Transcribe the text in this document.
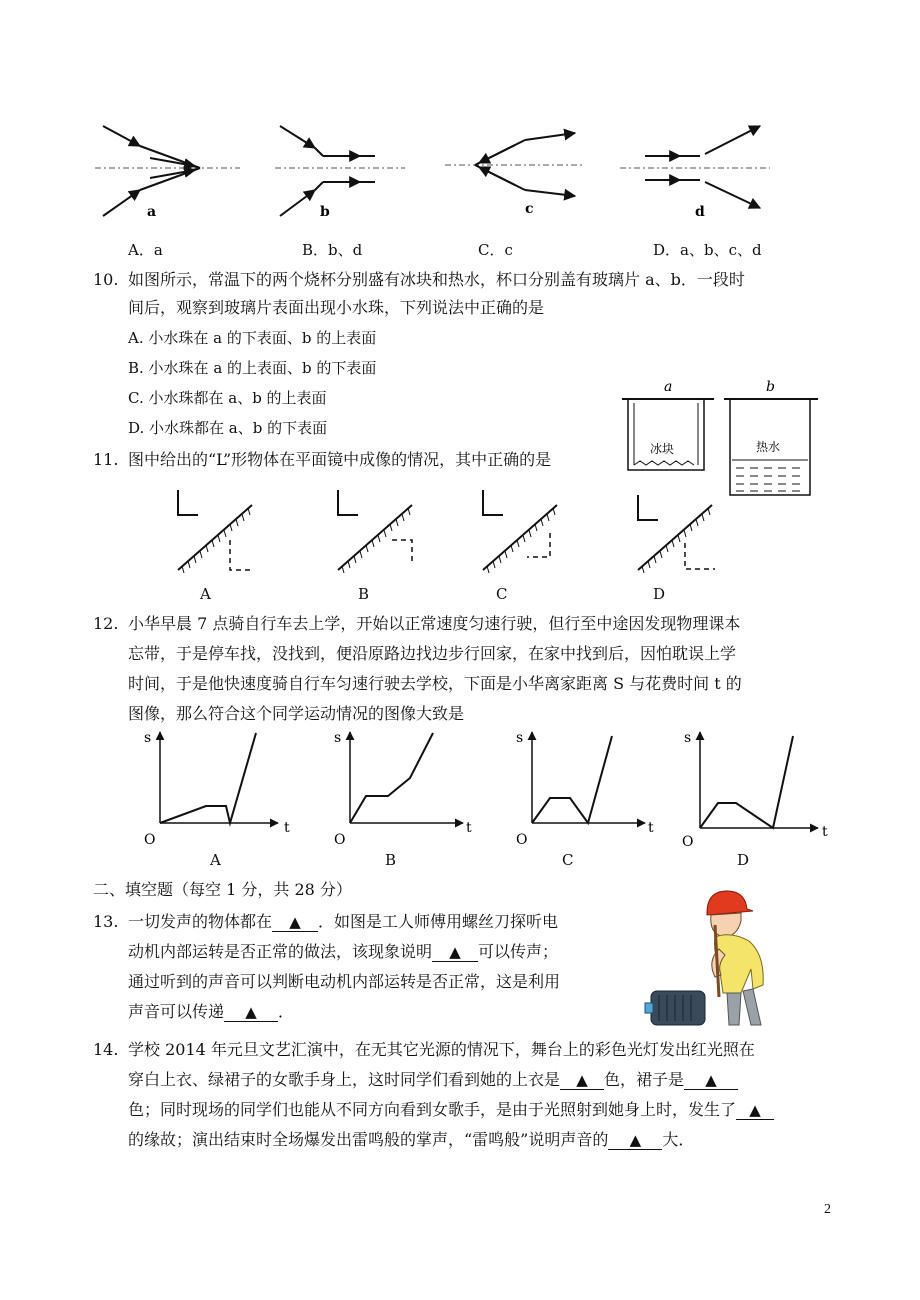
a	b	c	d
A．a	B．b、d	C．c	D．a、b、c、d
10. 如图所示，常温下的两个烧杯分别盛有冰块和热水，杯口分别盖有玻璃片 a、b．一段时
间后，观察到玻璃片表面出现小水珠，下列说法中正确的是
A. 小水珠在 a 的下表面、b 的上表面
B. 小水珠在 a 的上表面、b 的下表面
C. 小水珠都在 a、b 的上表面
D. 小水珠都在 a、b 的下表面
a	b
冰块	热水
11. 图中给出的“L”形物体在平面镜中成像的情况，其中正确的是
A	B	C	D
12. 小华早晨 7 点骑自行车去上学，开始以正常速度匀速行驶，但行至中途因发现物理课本
忘带，于是停车找，没找到，便沿原路边找边步行回家，在家中找到后，因怕耽误上学
时间，于是他快速度骑自行车匀速行驶去学校，下面是小华离家距离 S 与花费时间 t 的
图像，那么符合这个同学运动情况的图像大致是
s
t
O
s
t
O
s
t
O
s
t
O
A	B	C	D
二、填空题（每空 1 分，共 28 分）
13. 一切发声的物体都在 ▲ ．如图是工人师傅用螺丝刀探听电
动机内部运转是否正常的做法，该现象说明 ▲ 可以传声；
通过听到的声音可以判断电动机内部运转是否正常，这是利用
声音可以传递 ▲ ．
14. 学校 2014 年元旦文艺汇演中，在无其它光源的情况下，舞台上的彩色光灯发出红光照在
穿白上衣、绿裙子的女歌手身上，这时同学们看到她的上衣是 ▲ 色，裙子是 ▲
色；同时现场的同学们也能从不同方向看到女歌手，是由于光照射到她身上时，发生了 ▲
的缘故；演出结束时全场爆发出雷鸣般的掌声，“雷鸣般”说明声音的 ▲ 大．
2
